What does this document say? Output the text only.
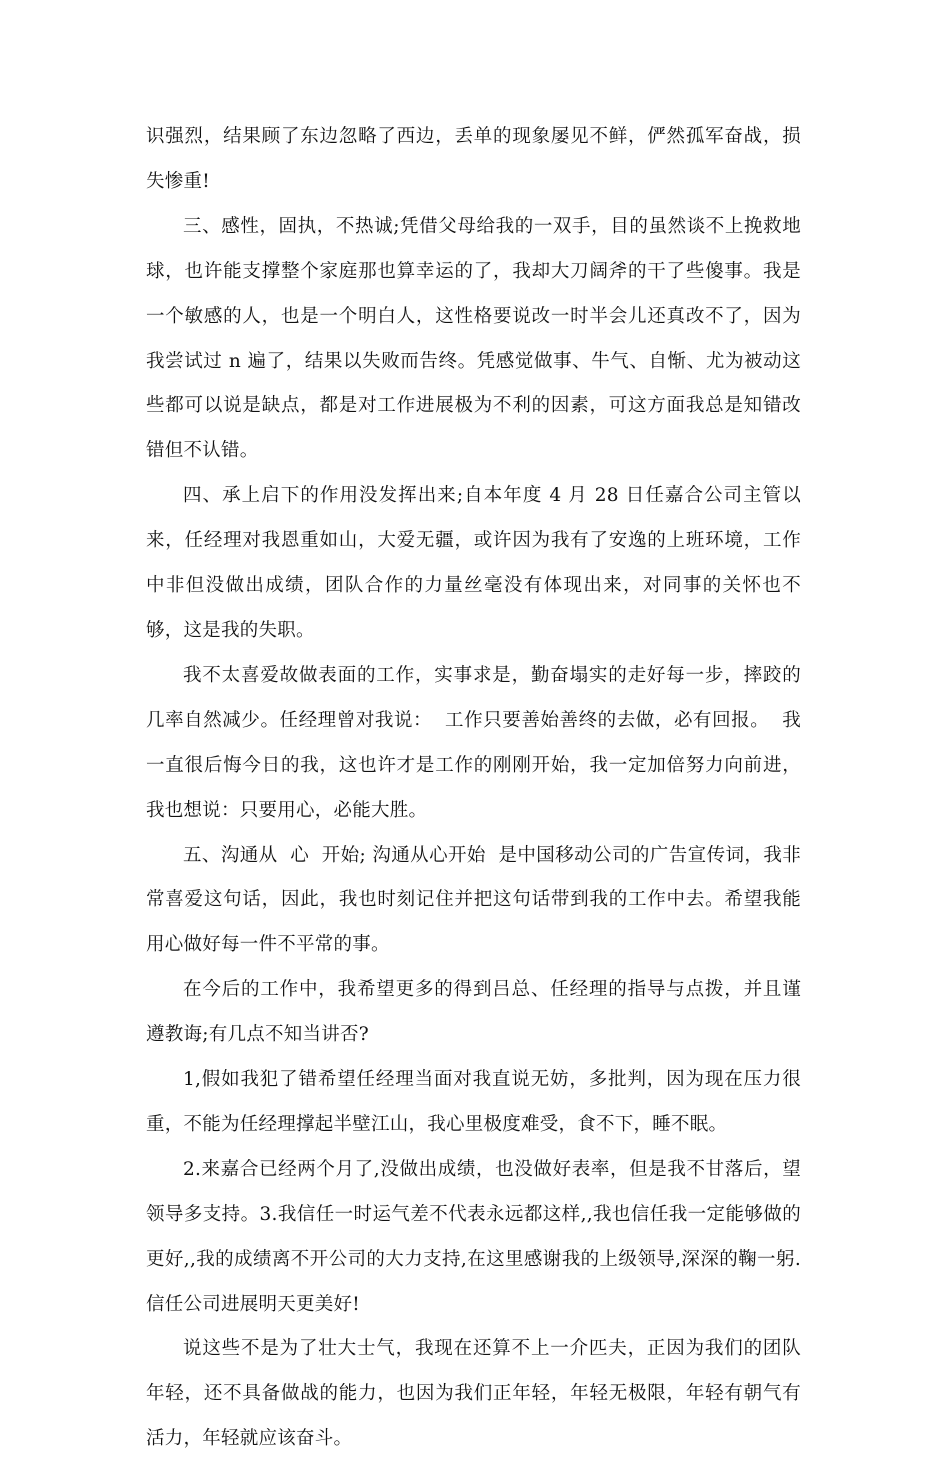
识强烈，结果顾了东边忽略了西边，丢单的现象屡见不鲜，俨然孤军奋战，损失惨重!

三、感性，固执，不热诚;凭借父母给我的一双手，目的虽然谈不上挽救地球，也许能支撑整个家庭那也算幸运的了，我却大刀阔斧的干了些傻事。我是一个敏感的人，也是一个明白人，这性格要说改一时半会儿还真改不了，因为我尝试过 n 遍了，结果以失败而告终。凭感觉做事、牛气、自惭、尤为被动这些都可以说是缺点，都是对工作进展极为不利的因素，可这方面我总是知错改错但不认错。

四、承上启下的作用没发挥出来;自本年度 4 月 28 日任嘉合公司主管以来，任经理对我恩重如山，大爱无疆，或许因为我有了安逸的上班环境，工作中非但没做出成绩，团队合作的力量丝毫没有体现出来，对同事的关怀也不够，这是我的失职。

我不太喜爱故做表面的工作，实事求是，勤奋塌实的走好每一步，摔跤的几率自然减少。任经理曾对我说：  工作只要善始善终的去做，必有回报。  我一直很后悔今日的我，这也许才是工作的刚刚开始，我一定加倍努力向前进，我也想说：只要用心，必能大胜。

五、沟通从  心  开始; 沟通从心开始  是中国移动公司的广告宣传词，我非常喜爱这句话，因此，我也时刻记住并把这句话带到我的工作中去。希望我能用心做好每一件不平常的事。

在今后的工作中，我希望更多的得到吕总、任经理的指导与点拨，并且谨遵教诲;有几点不知当讲否?

1,假如我犯了错希望任经理当面对我直说无妨，多批判，因为现在压力很重，不能为任经理撑起半壁江山，我心里极度难受，食不下，睡不眠。

2.来嘉合已经两个月了,没做出成绩，也没做好表率，但是我不甘落后，望领导多支持。3.我信任一时运气差不代表永远都这样,,我也信任我一定能够做的更好,,我的成绩离不开公司的大力支持,在这里感谢我的上级领导,深深的鞠一躬.信任公司进展明天更美好!

说这些不是为了壮大士气，我现在还算不上一介匹夫，正因为我们的团队年轻，还不具备做战的能力，也因为我们正年轻，年轻无极限，年轻有朝气有活力，年轻就应该奋斗。
